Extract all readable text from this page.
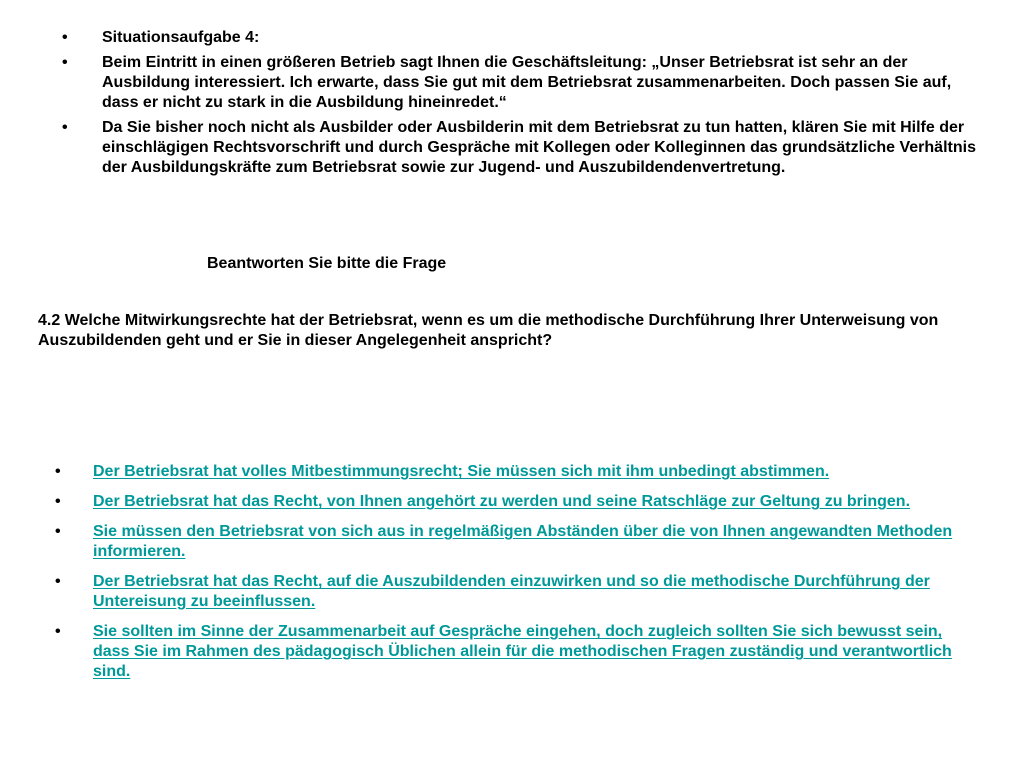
•	Situationsaufgabe 4:
•	Beim Eintritt in einen größeren Betrieb sagt Ihnen die Geschäftsleitung: „Unser Betriebsrat ist sehr an der Ausbildung interessiert. Ich erwarte, dass Sie gut mit dem Betriebsrat zusammenarbeiten. Doch passen Sie auf, dass er nicht zu stark in die Ausbildung hineinredet.“
•	Da Sie bisher noch nicht als Ausbilder oder Ausbilderin mit dem Betriebsrat zu tun hatten, klären Sie mit Hilfe der einschlägigen Rechtsvorschrift und durch Gespräche mit Kollegen oder Kolleginnen das grundsätzliche Verhältnis der Ausbildungskräfte zum Betriebsrat sowie zur Jugend- und Auszubildendenvertretung.
Beantworten Sie bitte die Frage
4.2 Welche Mitwirkungsrechte hat der Betriebsrat, wenn es um die methodische Durchführung Ihrer Unterweisung von Auszubildenden geht und er Sie in dieser Angelegenheit anspricht?
•	Der Betriebsrat hat volles Mitbestimmungsrecht; Sie müssen sich mit ihm unbedingt abstimmen.
•	Der Betriebsrat hat das Recht, von Ihnen angehört zu werden und seine Ratschläge zur Geltung zu bringen.
•	Sie müssen den Betriebsrat von sich aus in regelmäßigen Abständen über die von Ihnen angewandten Methoden informieren.
•	Der Betriebsrat hat das Recht, auf die Auszubildenden einzuwirken und so die methodische Durchführung der Untereisung zu beeinflussen.
•	Sie sollten im Sinne der Zusammenarbeit auf Gespräche eingehen, doch zugleich sollten Sie sich bewusst sein, dass Sie im Rahmen des pädagogisch Üblichen allein für die methodischen Fragen zuständig und verantwortlich sind.
